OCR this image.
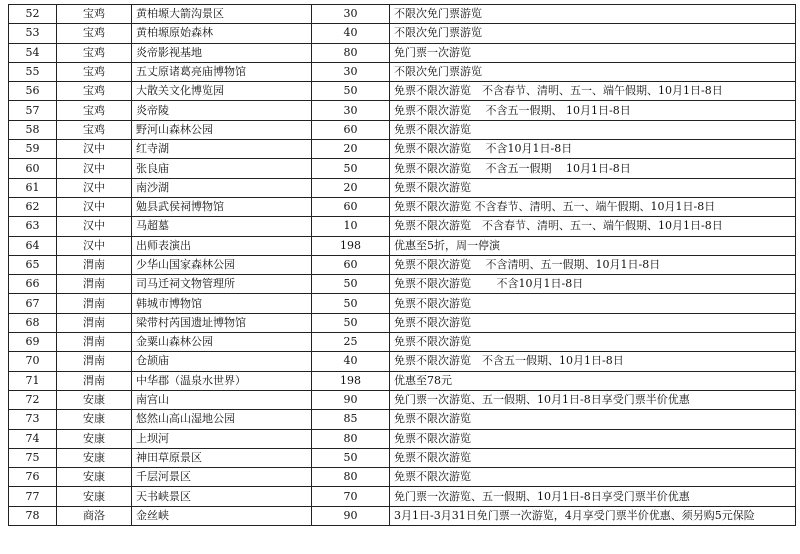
52	宝鸡	黄柏塬大箭沟景区	30	不限次免门票游览
53	宝鸡	黄柏塬原始森林	40	不限次免门票游览
54	宝鸡	炎帝影视基地	80	免门票一次游览
55	宝鸡	五丈原诸葛亮庙博物馆	30	不限次免门票游览
56	宝鸡	大散关文化博览园	50	免票不限次游览　不含春节、清明、五一、端午假期、10月1日-8日
57	宝鸡	炎帝陵	30	免票不限次游览　 不含五一假期、 10月1日-8日
58	宝鸡	野河山森林公园	60	免票不限次游览
59	汉中	红寺湖	20	免票不限次游览　 不含10月1日-8日
60	汉中	张良庙	50	免票不限次游览　 不含五一假期　 10月1日-8日
61	汉中	南沙湖	20	免票不限次游览
62	汉中	勉县武侯祠博物馆	60	免票不限次游览 不含春节、清明、五一、端午假期、10月1日-8日
63	汉中	马超墓	10	免票不限次游览　不含春节、清明、五一、端午假期、10月1日-8日
64	汉中	出师表演出	198	优惠至5折，周一停演
65	渭南	少华山国家森林公园	60	免票不限次游览　 不含清明、五一假期、10月1日-8日
66	渭南	司马迁祠文物管理所	50	免票不限次游览　　 不含10月1日-8日
67	渭南	韩城市博物馆	50	免票不限次游览
68	渭南	梁带村芮国遗址博物馆	50	免票不限次游览
69	渭南	金粟山森林公园	25	免票不限次游览
70	渭南	仓颉庙	40	免票不限次游览　不含五一假期、10月1日-8日
71	渭南	中华郡（温泉水世界）	198	优惠至78元
72	安康	南宫山	90	免门票一次游览、五一假期、10月1日-8日享受门票半价优惠
73	安康	悠然山高山湿地公园	85	免票不限次游览
74	安康	上坝河	80	免票不限次游览
75	安康	神田草原景区	50	免票不限次游览
76	安康	千层河景区	80	免票不限次游览
77	安康	天书峡景区	70	免门票一次游览、五一假期、10月1日-8日享受门票半价优惠
78	商洛	金丝峡	90	3月1日-3月31日免门票一次游览，4月享受门票半价优惠、须另购5元保险
